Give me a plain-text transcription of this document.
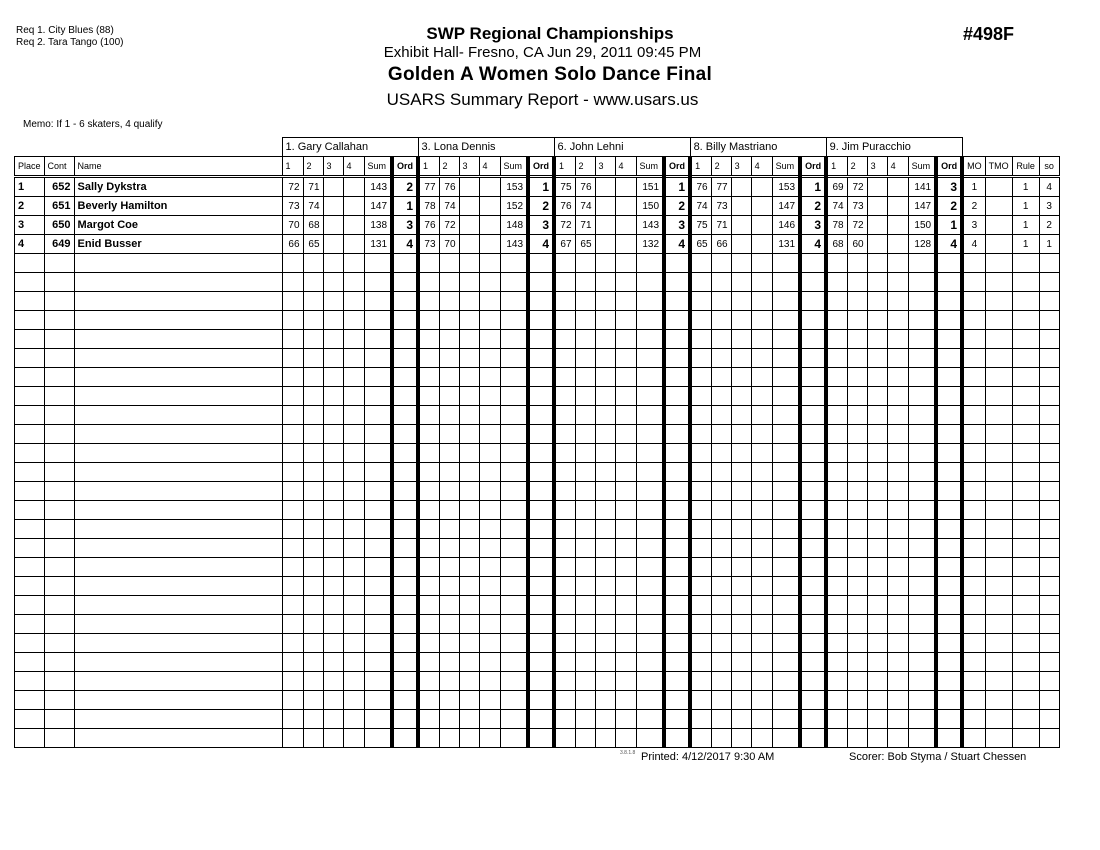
Req 1. City Blues (88)
Req 2. Tara Tango (100)	SWP Regional Championships
Exhibit Hall- Fresno, CA Jun 29, 2011 09:45 PM
Golden A Women Solo Dance Final
USARS Summary Report - www.usars.us
#498F
Memo: If 1 - 6 skaters, 4 qualify
			1. Gary Callahan						3. Lona Dennis						6. John Lehni						8. Billy Mastriano						9. Jim Puracchio									
Place	Cont	Name	1	2	3	4	Sum	Ord	1	2	3	4	Sum	Ord	1	2	3	4	Sum	Ord	1	2	3	4	Sum	Ord	1	2	3	4	Sum	Ord	MO	TMO	Rule	so
1	652	Sally Dykstra	72	71			143	2	77	76			153	1	75	76			151	1	76	77			153	1	69	72			141	3	1		1	4
2	651	Beverly Hamilton	73	74			147	1	78	74			152	2	76	74			150	2	74	73			147	2	74	73			147	2	2		1	3
3	650	Margot Coe	70	68			138	3	76	72			148	3	72	71			143	3	75	71			146	3	78	72			150	1	3		1	2
4	649	Enid Busser	66	65			131	4	73	70			143	4	67	65			132	4	65	66			131	4	68	60			128	4	4		1	1

3.8.1.8 Printed: 4/12/2017 9:30 AM	Scorer: Bob Styma / Stuart Chessen
